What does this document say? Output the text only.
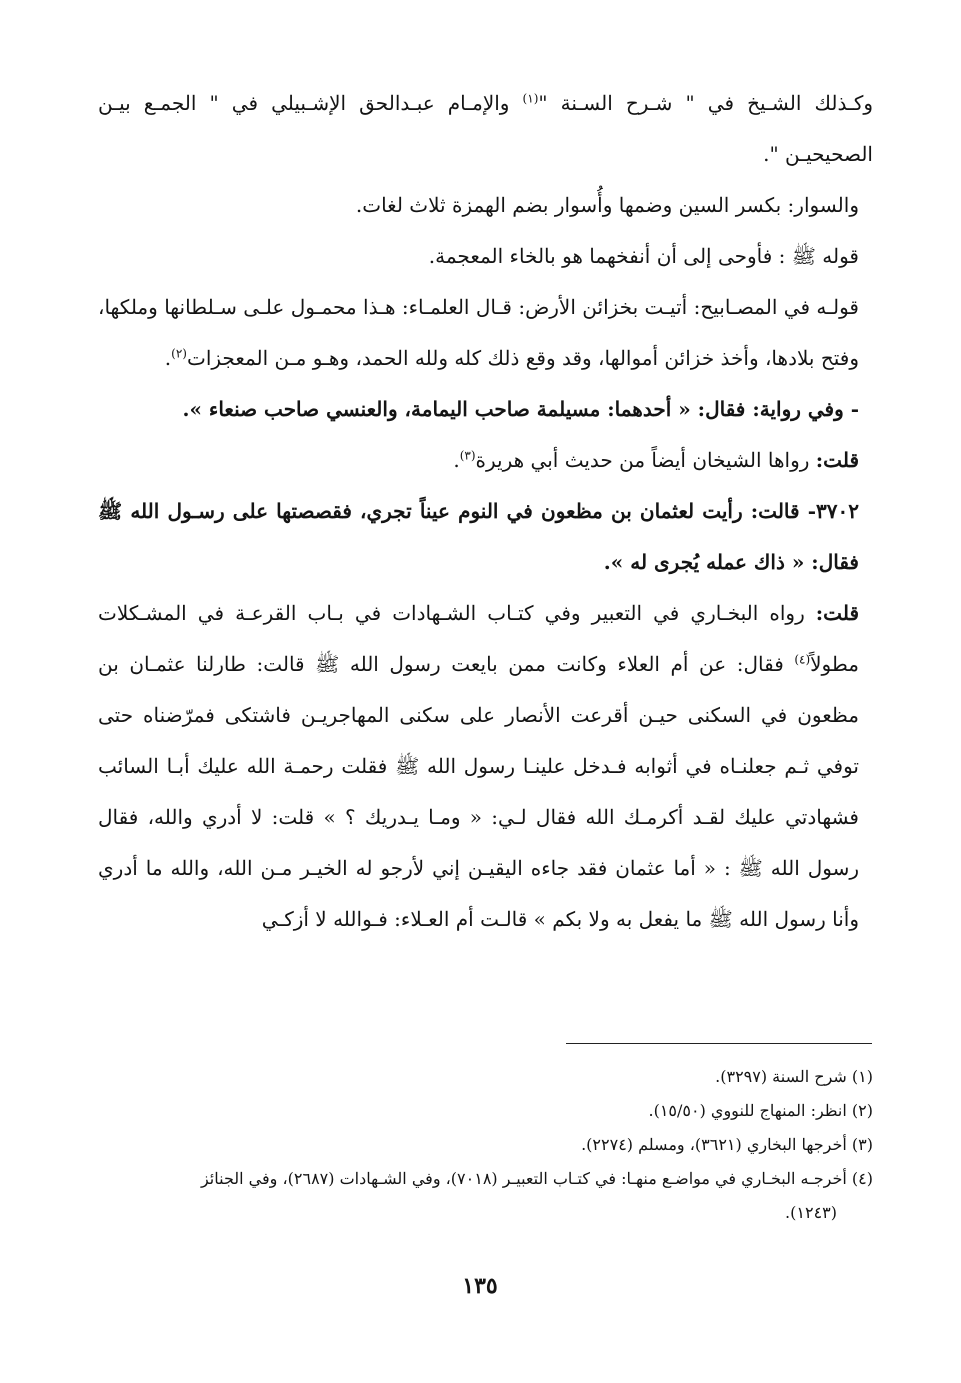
وكـذلك الشـيخ في " شـرح السـنة "$^{(١)}$ والإمـام عبـدالحق الإشـبيلي في " الجمـع بيـن الصحيحيـن ".

والسوار: بكسر السين وضمها وأُسوار بضم الهمزة ثلاث لغات.

قوله ﷺ : فأوحى إلى أن أنفخهما هو بالخاء المعجمة.

قولـه في المصـابيح: أتيـت بخزائن الأرض: قـال العلمـاء: هـذا محمـول علـى سـلطانها وملكها، وفتح بلادها، وأخذ خزائن أموالها، وقد وقع ذلك كله ولله الحمد، وهـو مـن المعجزات$^{(٢)}$.

- وفي رواية: فقال: « أحدهما: مسيلمة صاحب اليمامة، والعنسي صاحب صنعاء ».

قلت: رواها الشيخان أيضاً من حديث أبي هريرة$^{(٣)}$.

٣٧٠٢- قالت: رأيت لعثمان بن مظعون في النوم عيناً تجري، فقصصتها على رسـول الله ﷺ فقال: « ذاك عمله يُجرى له ».

قلت: رواه البخـاري في التعبير وفي كتـاب الشـهادات في بـاب القرعـة في المشـكلات مطولاً$^{(٤)}$ فقال: عن أم العلاء وكانت ممن بايعت رسول الله ﷺ قالت: طارلنا عثمـان بن مظعون في السكنى حيـن أقرعت الأنصار على سكنى المهاجريـن فاشتكى فمرّضناه حتى توفي ثـم جعلنـاه في أثوابه فـدخل علينـا رسول الله ﷺ فقلت رحمـة الله عليك أبـا السائب فشهادتي عليك لقـد أكرمـك الله فقال لـي: « ومـا يـدريك ؟ » قلت: لا أدري والله، فقال رسول الله ﷺ : « أما عثمان فقد جاءه اليقيـن إني لأرجو له الخيـر مـن الله، والله ما أدري وأنا رسول الله ﷺ ما يفعل به ولا بكم » قالـت أم العـلاء: فـوالله لا أزكـي

(١) شرح السنة (٣٢٩٧).

(٢) انظر: المنهاج للنووي (١٥/٥٠).

(٣) أخرجها البخاري (٣٦٢١)، ومسلم (٢٢٧٤).

(٤) أخرجـه البخـاري في مواضـع منهـا: في كتـاب التعبيـر (٧٠١٨)، وفي الشـهادات (٢٦٨٧)، وفي الجنائز

(١٢٤٣).

١٣٥
